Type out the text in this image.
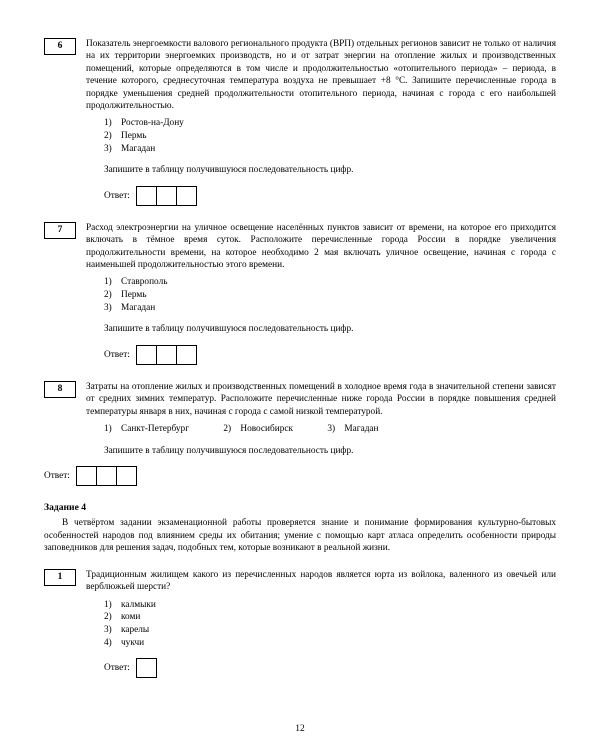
6	Показатель энергоемкости валового регионального продукта (ВРП) отдельных регионов зависит не только от наличия на их территории энергоемких производств, но и от затрат энергии на отопление жилых и производственных помещений, которые определяются в том числе и продолжительностью «отопительного периода» – периода, в течение которого, среднесуточная температура воздуха не превышает +8 °С. Запишите перечисленные города в порядке уменьшения средней продолжительности отопительного периода, начиная с города с его наибольшей продолжительностью.
1) Ростов-на-Дону
2) Пермь
3) Магадан
Запишите в таблицу получившуюся последовательность цифр.
Ответ:
7	Расход электроэнергии на уличное освещение населённых пунктов зависит от времени, на которое его приходится включать в тёмное время суток. Расположите перечисленные города России в порядке увеличения продолжительности времени, на которое необходимо 2 мая включать уличное освещение, начиная с города с наименьшей продолжительностью этого времени.
1) Ставрополь
2) Пермь
3) Магадан
Запишите в таблицу получившуюся последовательность цифр.
Ответ:
8	Затраты на отопление жилых и производственных помещений в холодное время года в значительной степени зависят от средних зимних температур. Расположите перечисленные ниже города России в порядке повышения средней температуры января в них, начиная с города с самой низкой температурой.
1) Санкт-Петербург	2) Новосибирск	3) Магадан
Запишите в таблицу получившуюся последовательность цифр.
Ответ:
Задание 4
В четвёртом задании экзаменационной работы проверяется знание и понимание формирования культурно-бытовых особенностей народов под влиянием среды их обитания; умение с помощью карт атласа определить особенности природы заповедников для решения задач, подобных тем, которые возникают в реальной жизни.
1	Традиционным жилищем какого из перечисленных народов является юрта из войлока, валенного из овечьей или верблюжьей шерсти?
1) калмыки
2) коми
3) карелы
4) чукчи
Ответ:
12
